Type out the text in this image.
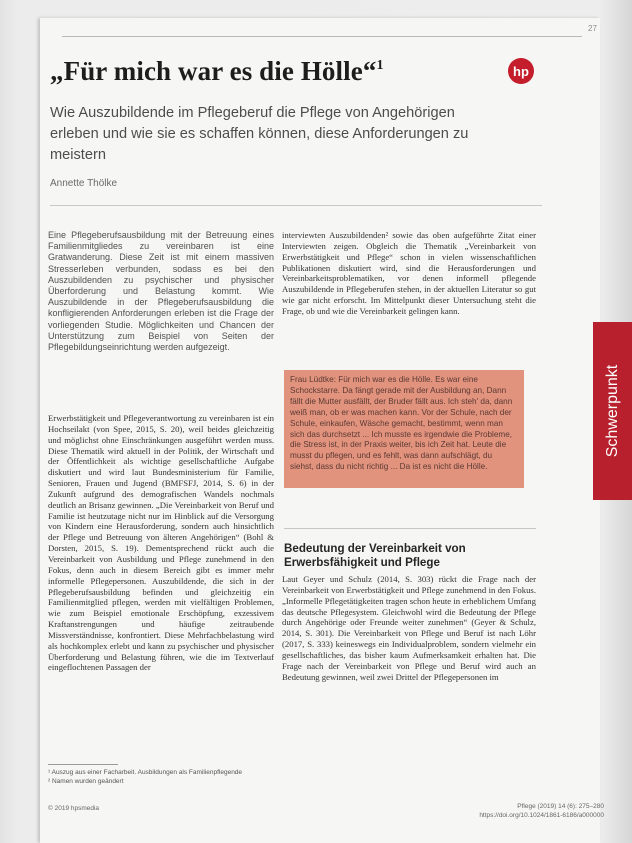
27
„Für mich war es die Hölle“$^1$	hp
Wie Auszubildende im Pflegeberuf die Pflege von Angehörigen erleben und wie sie es schaffen können, diese Anforderungen zu meistern
Annette Thölke
Eine Pflegeberufsausbildung mit der Betreuung eines Familienmitgliedes zu vereinbaren ist eine Gratwanderung. Diese Zeit ist mit einem massiven Stresserleben verbunden, sodass es bei den Auszubildenden zu psychischer und physischer Überforderung und Belastung kommt. Wie Auszubildende in der Pflegeberufsausbildung die konfligierenden Anforderungen erleben ist die Frage der vorliegenden Studie. Möglichkeiten und Chancen der Unterstützung zum Beispiel von Seiten der Pflegebildungseinrichtung werden aufgezeigt.
Erwerbstätigkeit und Pflegeverantwortung zu vereinbaren ist ein Hochseilakt (von Spee, 2015, S. 20), weil beides gleichzeitig und möglichst ohne Einschränkungen ausgeführt werden muss. Diese Thematik wird aktuell in der Politik, der Wirtschaft und der Öffentlichkeit als wichtige gesellschaftliche Aufgabe diskutiert und wird laut Bundesministerium für Familie, Senioren, Frauen und Jugend (BMFSFJ, 2014, S. 6) in der Zukunft aufgrund des demografischen Wandels nochmals deutlich an Brisanz gewinnen. „Die Vereinbarkeit von Beruf und Familie ist heutzutage nicht nur im Hinblick auf die Versorgung von Kindern eine Herausforderung, sondern auch hinsichtlich der Pflege und Betreuung von älteren Angehörigen“ (Bohl & Dorsten, 2015, S. 19). Dementsprechend rückt auch die Vereinbarkeit von Ausbildung und Pflege zunehmend in den Fokus, denn auch in diesem Bereich gibt es immer mehr informelle Pflegepersonen. Auszubildende, die sich in der Pflegeberufsausbildung befinden und gleichzeitig ein Familienmitglied pflegen, werden mit vielfältigen Problemen, wie zum Beispiel emotionale Erschöpfung, exzessivem Kraftanstrengungen und häufige zeitraubende Missverständnisse, konfrontiert. Diese Mehrfachbelastung wird als hochkomplex erlebt und kann zu psychischer und physischer Überforderung und Belastung führen, wie die im Textverlauf eingeflochtenen Passagen der
interviewten Auszubildenden² sowie das oben aufgeführte Zitat einer Interviewten zeigen. Obgleich die Thematik „Vereinbarkeit von Erwerbstätigkeit und Pflege“ schon in vielen wissenschaftlichen Publikationen diskutiert wird, sind die Herausforderungen und Vereinbarkeitsproblematiken, vor denen informell pflegende Auszubildende in Pflegeberufen stehen, in der aktuellen Literatur so gut wie gar nicht erforscht. Im Mittelpunkt dieser Untersuchung steht die Frage, ob und wie die Vereinbarkeit gelingen kann.
Frau Lüdtke: Für mich war es die Hölle. Es war eine Schockstarre. Da fängt gerade mit der Ausbildung an, Dann fällt die Mutter ausfällt, der Bruder fällt aus. Ich steh' da, dann weiß man, ob er was machen kann. Vor der Schule, nach der Schule, einkaufen, Wäsche gemacht, bestimmt, wenn man sich das durchsetzt ... Ich musste es irgendwie die Probleme, die Stress ist, in der Praxis weiter, bis ich Zeit hat. Leute die musst du pflegen, und es fehlt, was dann aufschlägt, du siehst, dass du nicht richtig ... Da ist es nicht die Hölle.
Bedeutung der Vereinbarkeit von Erwerbsfähigkeit und Pflege
Laut Geyer und Schulz (2014, S. 303) rückt die Frage nach der Vereinbarkeit von Erwerbstätigkeit und Pflege zunehmend in den Fokus. „Informelle Pflegetätigkeiten tragen schon heute in erheblichem Umfang das deutsche Pflegesystem. Gleichwohl wird die Bedeutung der Pflege durch Angehörige oder Freunde weiter zunehmen“ (Geyer & Schulz, 2014, S. 301). Die Vereinbarkeit von Pflege und Beruf ist nach Löhr (2017, S. 333) keineswegs ein Individualproblem, sondern vielmehr ein gesellschaftliches, das bisher kaum Aufmerksamkeit erhalten hat. Die Frage nach der Vereinbarkeit von Pflege und Beruf wird auch an Bedeutung gewinnen, weil zwei Drittel der Pflegepersonen im
Schwerpunkt
¹ Auszug aus einer Facharbeit. Ausbildungen als Familienpflegende
² Namen wurden geändert
© 2019 hpsmedia	Pflege (2019) 14 (6): 275–280
https://doi.org/10.1024/1861-6186/a000000
